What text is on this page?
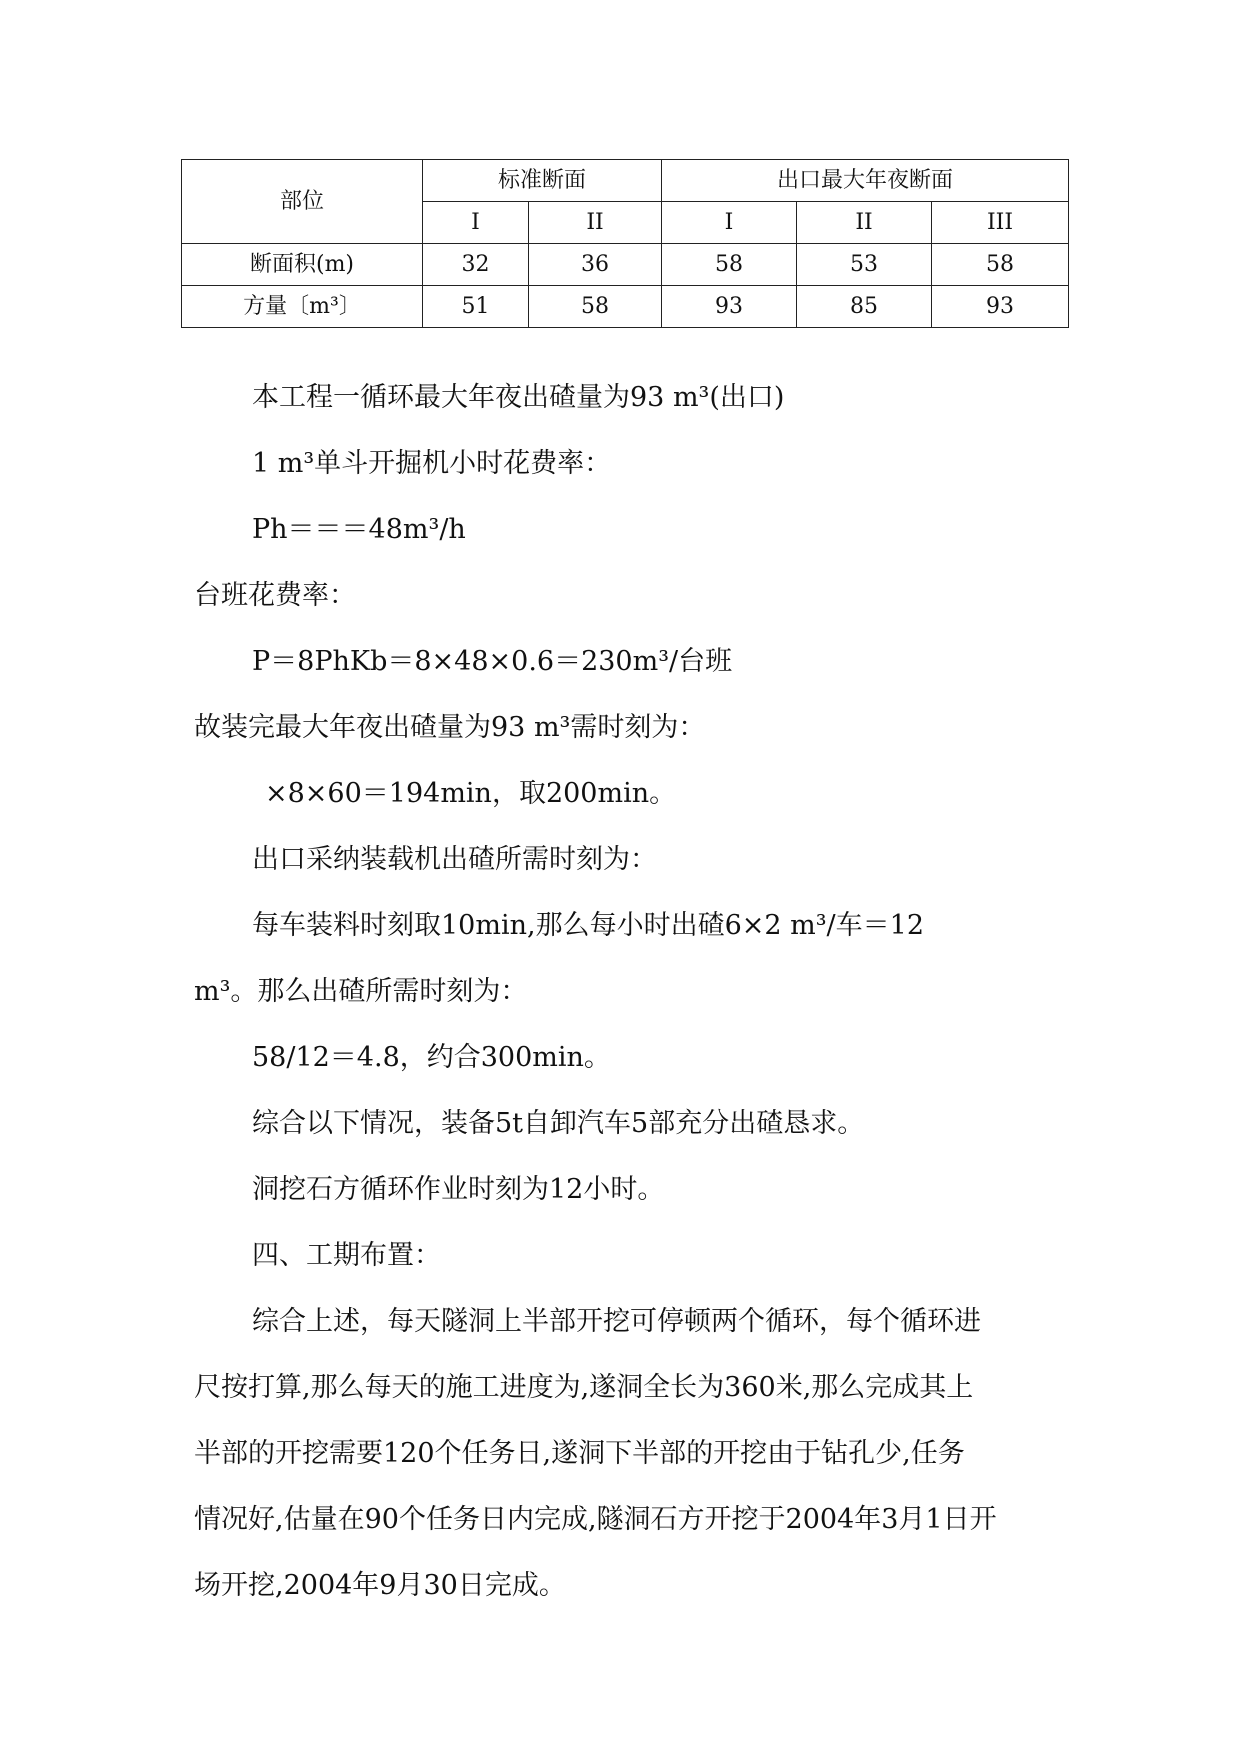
部位	标准断面		出口最大年夜断面		
	I	II	I	II	III
断面积(m)	32	36	58	53	58
方量〔m³〕	51	58	93	85	93
本工程一循环最大年夜出碴量为93 m³(出口)
1 m³单斗开掘机小时花费率：
Ph＝＝＝48m³/h
台班花费率：
P＝8PhKb＝8×48×0.6＝230m³/台班
故装完最大年夜出碴量为93 m³需时刻为：
×8×60＝194min，取200min。
出口采纳装载机出碴所需时刻为：
每车装料时刻取10min,那么每小时出碴6×2 m³/车＝12
m³。那么出碴所需时刻为：
58/12＝4.8，约合300min。
综合以下情况，装备5t自卸汽车5部充分出碴恳求。
洞挖石方循环作业时刻为12小时。
四、工期布置：
综合上述，每天隧洞上半部开挖可停顿两个循环，每个循环进
尺按打算,那么每天的施工进度为,遂洞全长为360米,那么完成其上
半部的开挖需要120个任务日,遂洞下半部的开挖由于钻孔少,任务
情况好,估量在90个任务日内完成,隧洞石方开挖于2004年3月1日开
场开挖,2004年9月30日完成。
